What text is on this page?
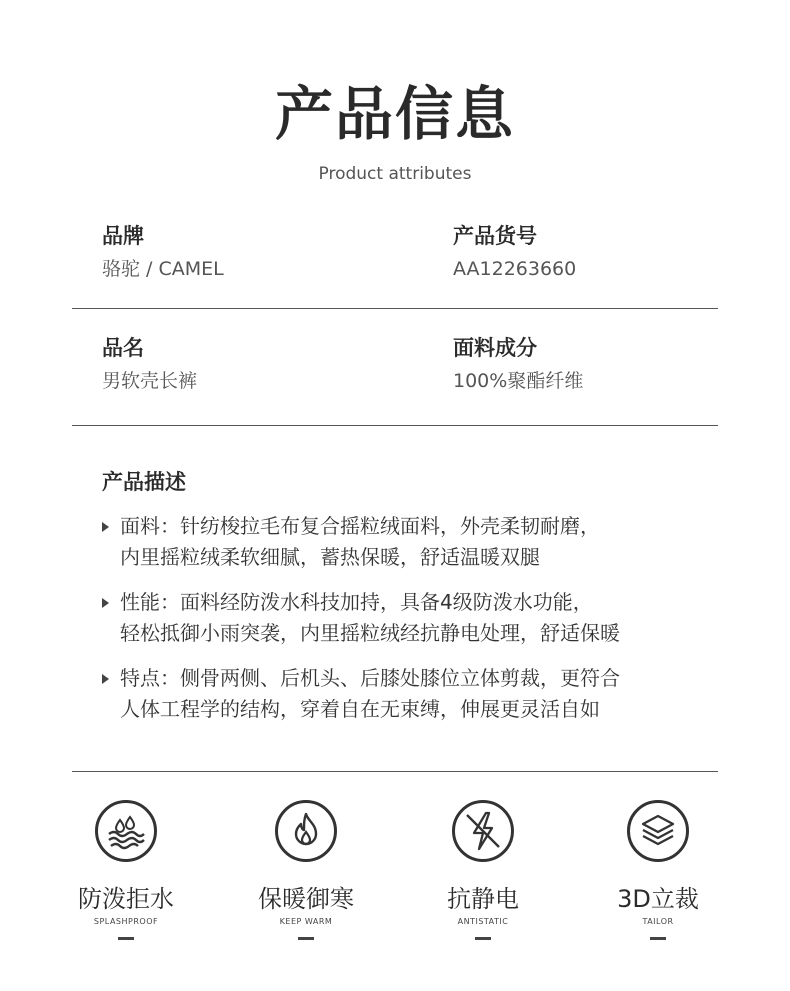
产品信息
Product attributes
品牌
骆驼 / CAMEL
产品货号
AA12263660
品名
男软壳长裤
面料成分
100%聚酯纤维
产品描述
面料：针纺梭拉毛布复合摇粒绒面料，外壳柔韧耐磨，
内里摇粒绒柔软细腻，蓄热保暖，舒适温暖双腿
性能：面料经防泼水科技加持，具备4级防泼水功能，
轻松抵御小雨突袭，内里摇粒绒经抗静电处理，舒适保暖
特点：侧骨两侧、后机头、后膝处膝位立体剪裁，更符合
人体工程学的结构，穿着自在无束缚，伸展更灵活自如
防泼拒水
SPLASHPROOF
保暖御寒
KEEP WARM
抗静电
ANTISTATIC
3D立裁
TAILOR
